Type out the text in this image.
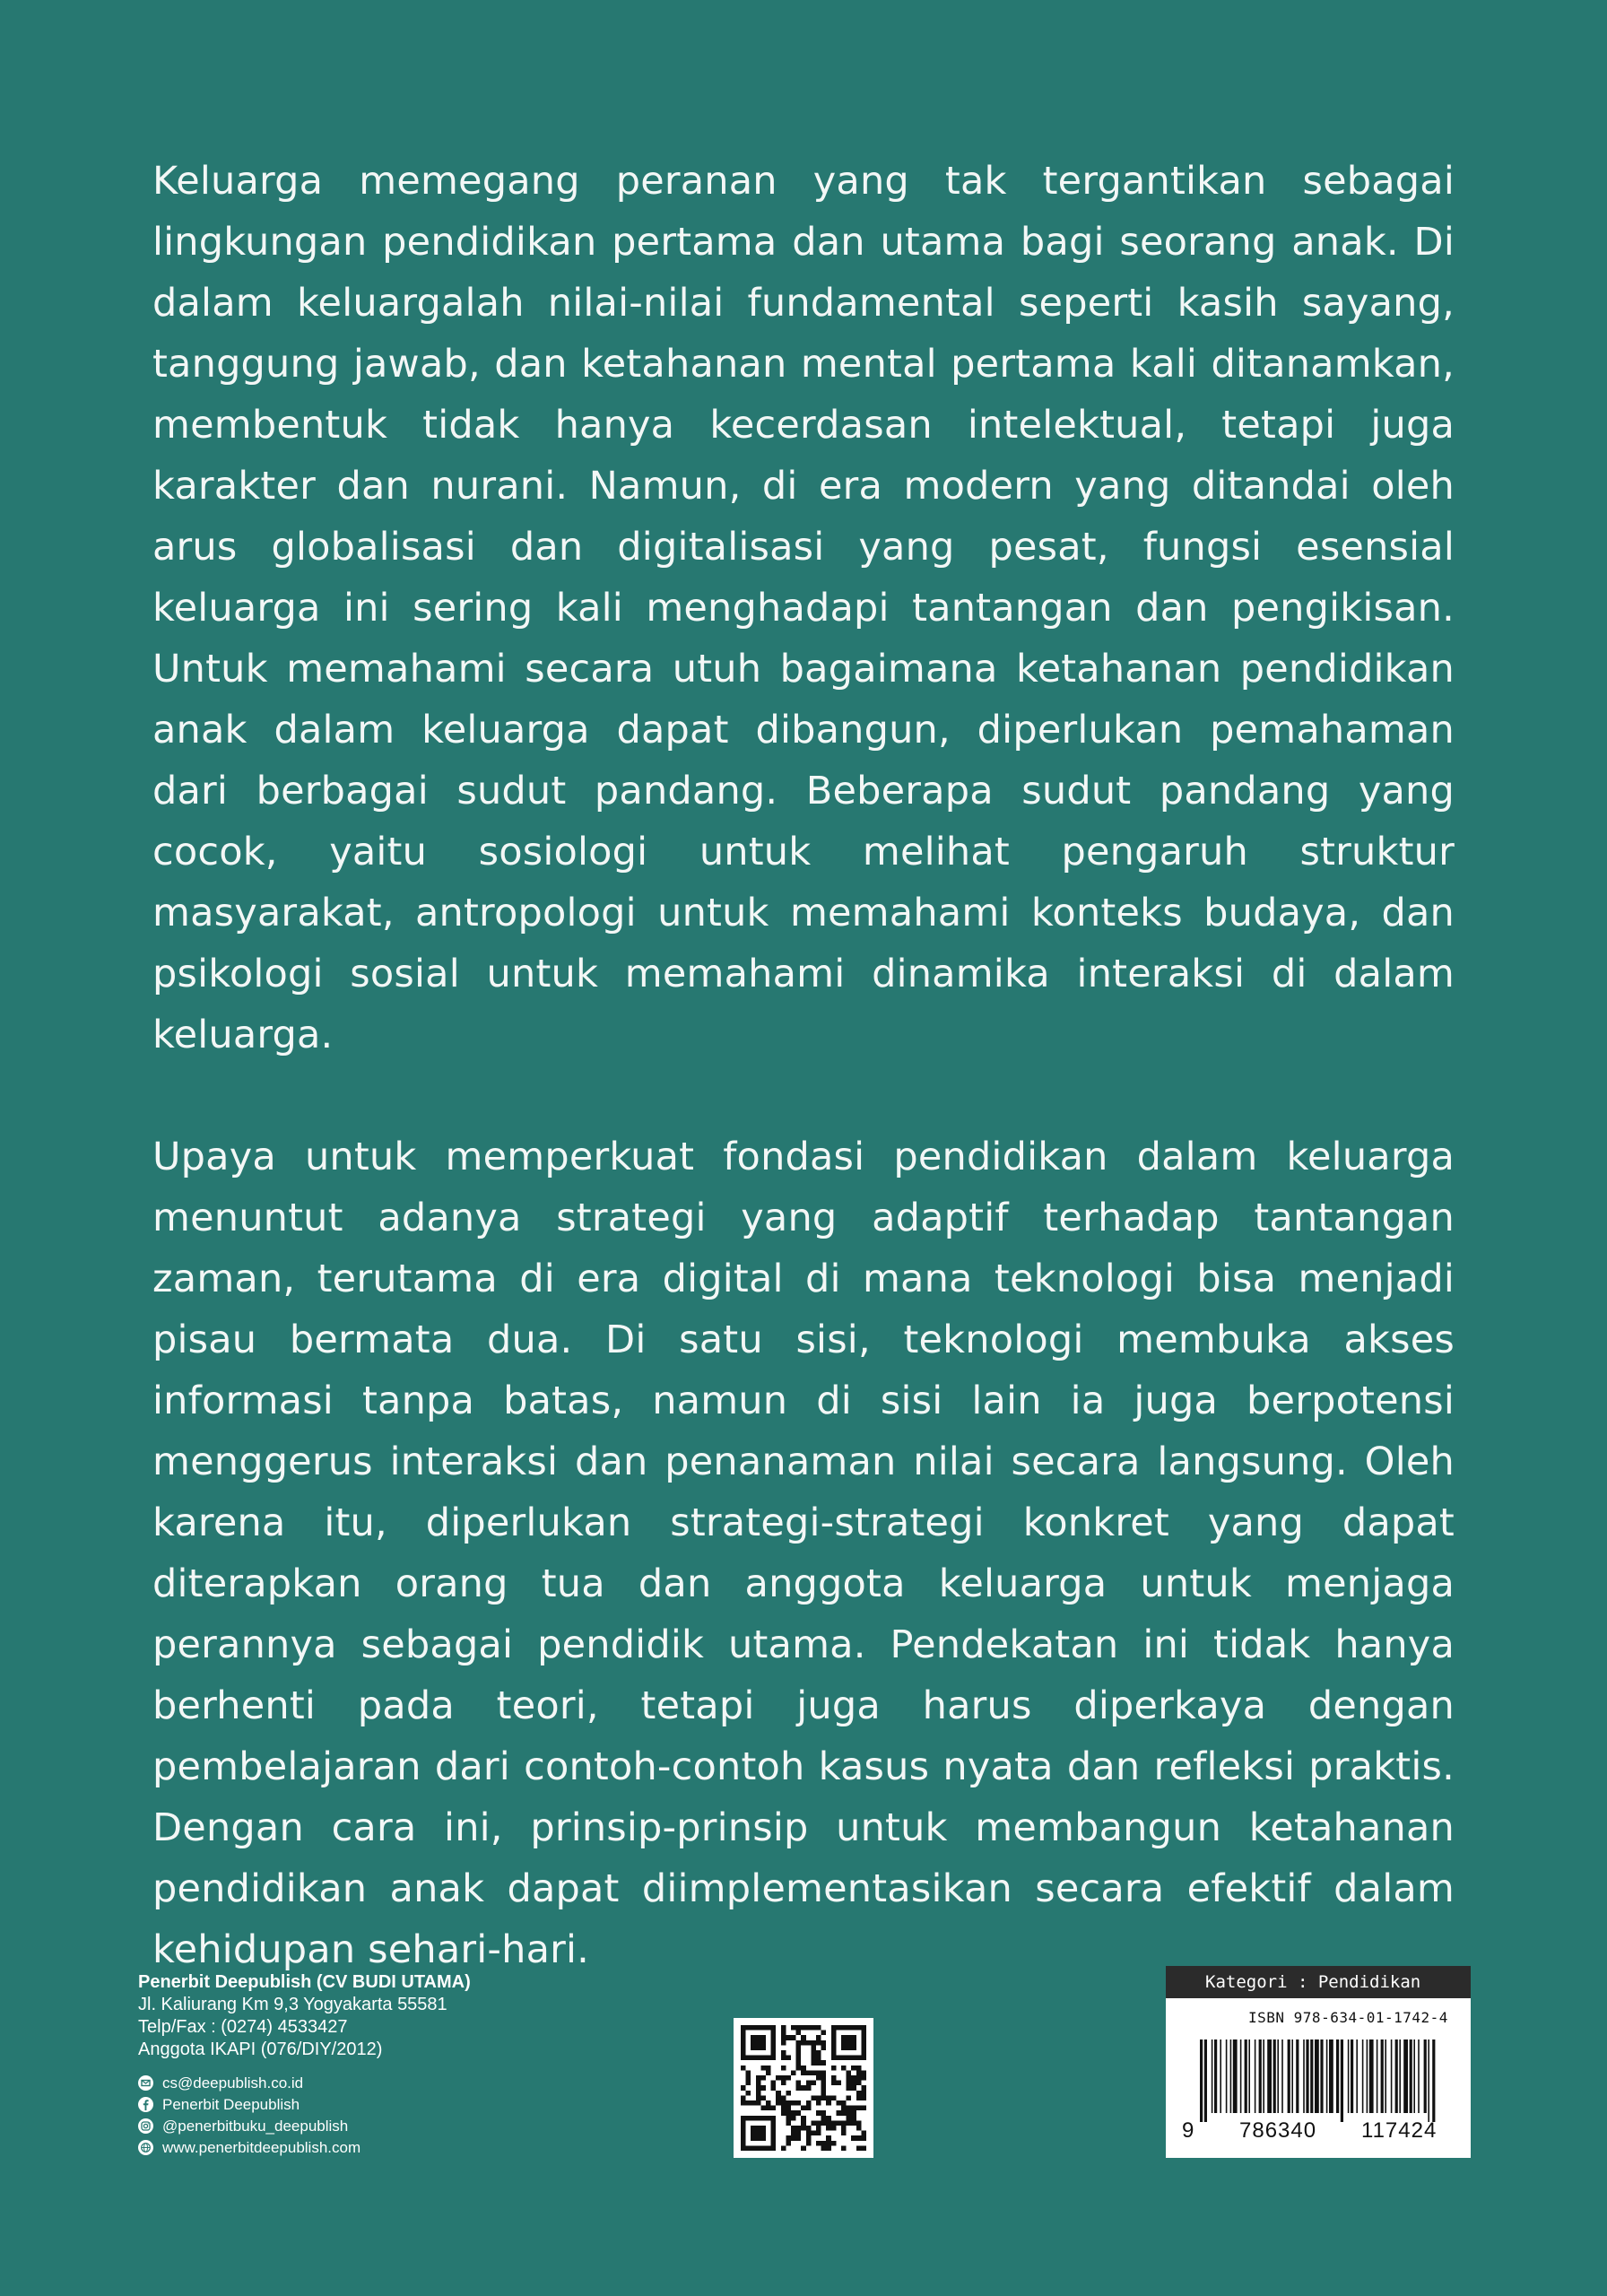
Keluarga memegang peranan yang tak tergantikan sebagai lingkungan pendidikan pertama dan utama bagi seorang anak. Di dalam keluargalah nilai-nilai fundamental seperti kasih sayang, tanggung jawab, dan ketahanan mental pertama kali ditanamkan, membentuk tidak hanya kecerdasan intelektual, tetapi juga karakter dan nurani. Namun, di era modern yang ditandai oleh arus globalisasi dan digitalisasi yang pesat, fungsi esensial keluarga ini sering kali menghadapi tantangan dan pengikisan. Untuk memahami secara utuh bagaimana ketahanan pendidikan anak dalam keluarga dapat dibangun, diperlukan pemahaman dari berbagai sudut pandang. Beberapa sudut pandang yang cocok, yaitu sosiologi untuk melihat pengaruh struktur masyarakat, antropologi untuk memahami konteks budaya, dan psikologi sosial untuk memahami dinamika interaksi di dalam keluarga.

Upaya untuk memperkuat fondasi pendidikan dalam keluarga menuntut adanya strategi yang adaptif terhadap tantangan zaman, terutama di era digital di mana teknologi bisa menjadi pisau bermata dua. Di satu sisi, teknologi membuka akses informasi tanpa batas, namun di sisi lain ia juga berpotensi menggerus interaksi dan penanaman nilai secara langsung. Oleh karena itu, diperlukan strategi-strategi konkret yang dapat diterapkan orang tua dan anggota keluarga untuk menjaga perannya sebagai pendidik utama. Pendekatan ini tidak hanya berhenti pada teori, tetapi juga harus diperkaya dengan pembelajaran dari contoh-contoh kasus nyata dan refleksi praktis. Dengan cara ini, prinsip-prinsip untuk membangun ketahanan pendidikan anak dapat diimplementasikan secara efektif dalam kehidupan sehari-hari.

Penerbit Deepublish (CV BUDI UTAMA)
Jl. Kaliurang Km 9,3 Yogyakarta 55581
Telp/Fax : (0274) 4533427
Anggota IKAPI (076/DIY/2012)
cs@deepublish.co.id
Penerbit Deepublish
@penerbitbuku_deepublish
www.penerbitdeepublish.com
Kategori : Pendidikan
ISBN 978-634-01-1742-4
9 786340 117424
